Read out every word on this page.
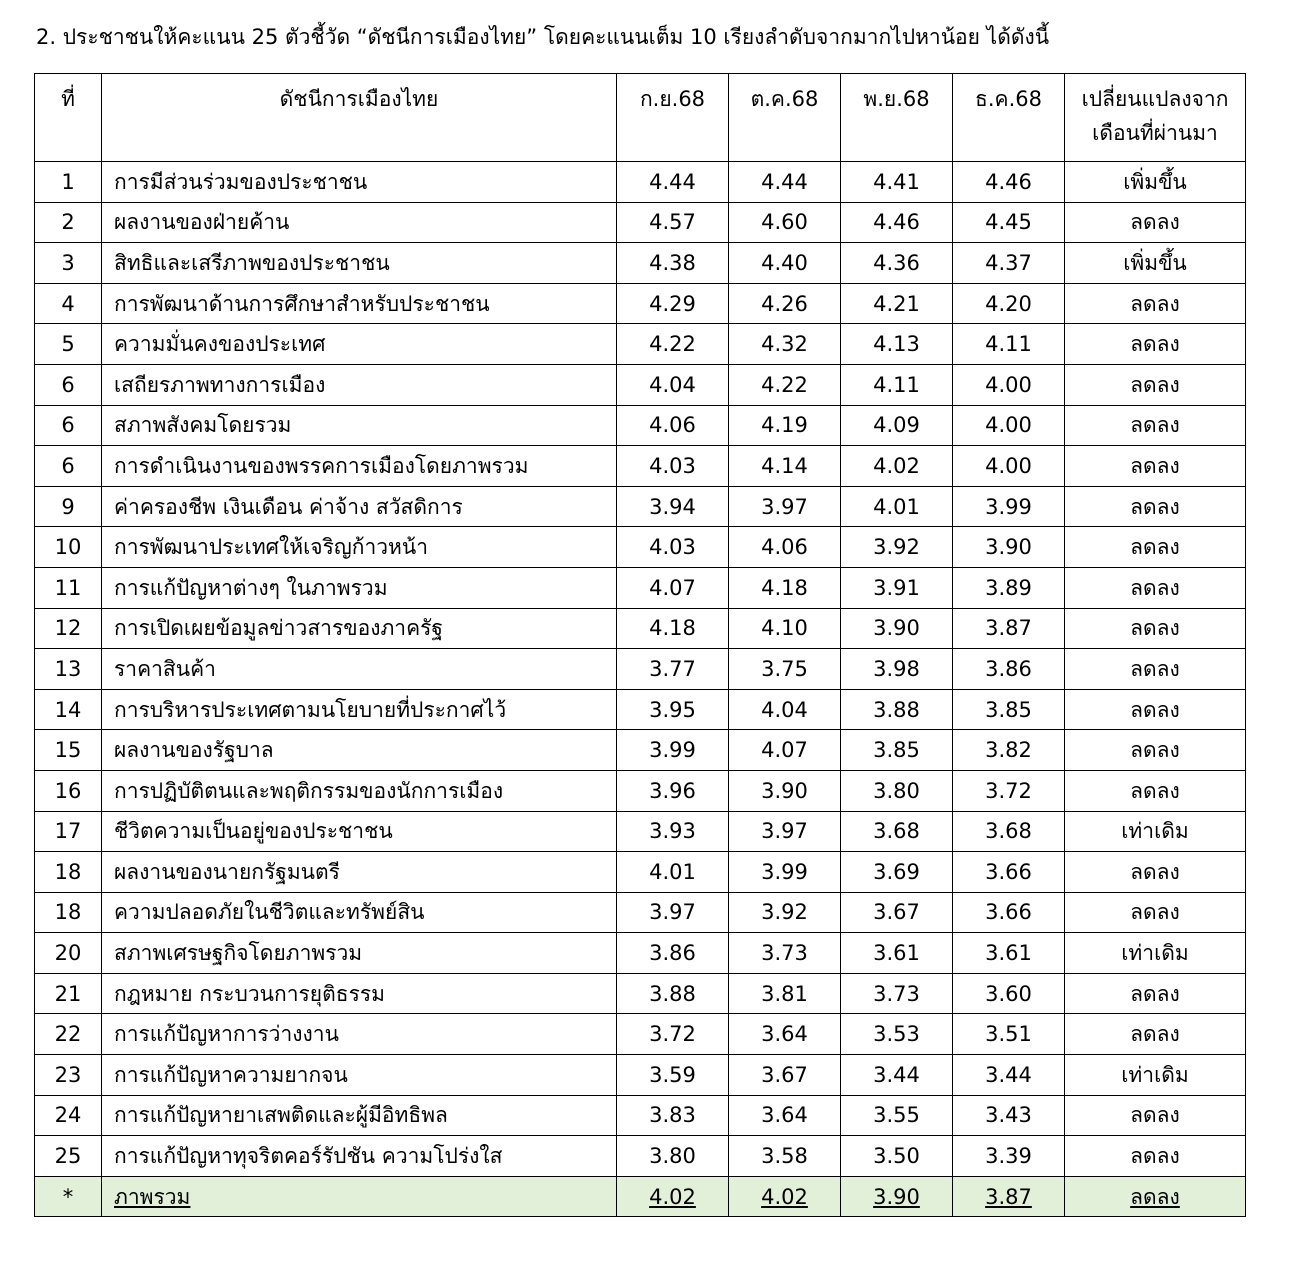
2. ประชาชนให้คะแนน 25 ตัวชี้วัด “ดัชนีการเมืองไทย” โดยคะแนนเต็ม 10 เรียงลำดับจากมากไปหาน้อย ได้ดังนี้
ที่	ดัชนีการเมืองไทย	ก.ย.68	ต.ค.68	พ.ย.68	ธ.ค.68	เปลี่ยนแปลงจาก
เดือนที่ผ่านมา
1	การมีส่วนร่วมของประชาชน	4.44	4.44	4.41	4.46	เพิ่มขึ้น
2	ผลงานของฝ่ายค้าน	4.57	4.60	4.46	4.45	ลดลง
3	สิทธิและเสรีภาพของประชาชน	4.38	4.40	4.36	4.37	เพิ่มขึ้น
4	การพัฒนาด้านการศึกษาสำหรับประชาชน	4.29	4.26	4.21	4.20	ลดลง
5	ความมั่นคงของประเทศ	4.22	4.32	4.13	4.11	ลดลง
6	เสถียรภาพทางการเมือง	4.04	4.22	4.11	4.00	ลดลง
6	สภาพสังคมโดยรวม	4.06	4.19	4.09	4.00	ลดลง
6	การดำเนินงานของพรรคการเมืองโดยภาพรวม	4.03	4.14	4.02	4.00	ลดลง
9	ค่าครองชีพ เงินเดือน ค่าจ้าง สวัสดิการ	3.94	3.97	4.01	3.99	ลดลง
10	การพัฒนาประเทศให้เจริญก้าวหน้า	4.03	4.06	3.92	3.90	ลดลง
11	การแก้ปัญหาต่างๆ ในภาพรวม	4.07	4.18	3.91	3.89	ลดลง
12	การเปิดเผยข้อมูลข่าวสารของภาครัฐ	4.18	4.10	3.90	3.87	ลดลง
13	ราคาสินค้า	3.77	3.75	3.98	3.86	ลดลง
14	การบริหารประเทศตามนโยบายที่ประกาศไว้	3.95	4.04	3.88	3.85	ลดลง
15	ผลงานของรัฐบาล	3.99	4.07	3.85	3.82	ลดลง
16	การปฏิบัติตนและพฤติกรรมของนักการเมือง	3.96	3.90	3.80	3.72	ลดลง
17	ชีวิตความเป็นอยู่ของประชาชน	3.93	3.97	3.68	3.68	เท่าเดิม
18	ผลงานของนายกรัฐมนตรี	4.01	3.99	3.69	3.66	ลดลง
18	ความปลอดภัยในชีวิตและทรัพย์สิน	3.97	3.92	3.67	3.66	ลดลง
20	สภาพเศรษฐกิจโดยภาพรวม	3.86	3.73	3.61	3.61	เท่าเดิม
21	กฎหมาย กระบวนการยุติธรรม	3.88	3.81	3.73	3.60	ลดลง
22	การแก้ปัญหาการว่างงาน	3.72	3.64	3.53	3.51	ลดลง
23	การแก้ปัญหาความยากจน	3.59	3.67	3.44	3.44	เท่าเดิม
24	การแก้ปัญหายาเสพติดและผู้มีอิทธิพล	3.83	3.64	3.55	3.43	ลดลง
25	การแก้ปัญหาทุจริตคอร์รัปชัน ความโปร่งใส	3.80	3.58	3.50	3.39	ลดลง
*	ภาพรวม	4.02	4.02	3.90	3.87	ลดลง
